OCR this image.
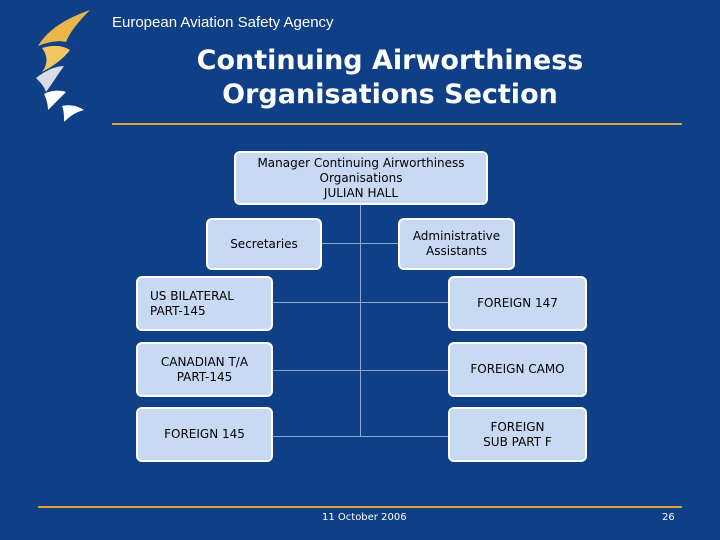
European Aviation Safety Agency
Continuing Airworthiness
Organisations Section
Manager Continuing Airworthiness
Organisations
JULIAN HALL
Secretaries
Administrative
Assistants
US BILATERAL
PART-145
CANADIAN T/A
PART-145
FOREIGN 145
FOREIGN 147
FOREIGN CAMO
FOREIGN
SUB PART F
11 October 2006	26
